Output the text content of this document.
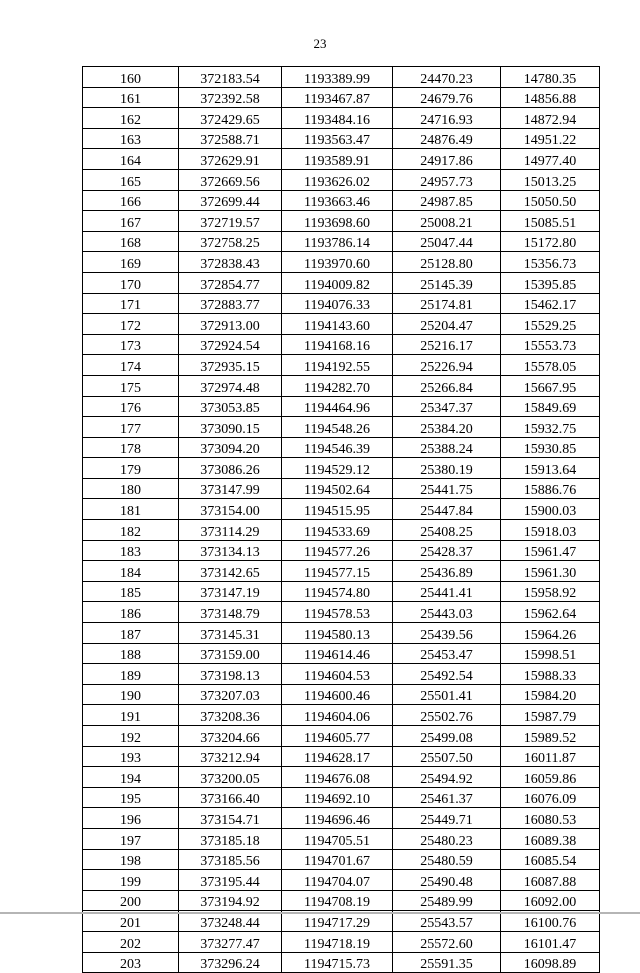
23
160	372183.54	1193389.99	24470.23	14780.35
161	372392.58	1193467.87	24679.76	14856.88
162	372429.65	1193484.16	24716.93	14872.94
163	372588.71	1193563.47	24876.49	14951.22
164	372629.91	1193589.91	24917.86	14977.40
165	372669.56	1193626.02	24957.73	15013.25
166	372699.44	1193663.46	24987.85	15050.50
167	372719.57	1193698.60	25008.21	15085.51
168	372758.25	1193786.14	25047.44	15172.80
169	372838.43	1193970.60	25128.80	15356.73
170	372854.77	1194009.82	25145.39	15395.85
171	372883.77	1194076.33	25174.81	15462.17
172	372913.00	1194143.60	25204.47	15529.25
173	372924.54	1194168.16	25216.17	15553.73
174	372935.15	1194192.55	25226.94	15578.05
175	372974.48	1194282.70	25266.84	15667.95
176	373053.85	1194464.96	25347.37	15849.69
177	373090.15	1194548.26	25384.20	15932.75
178	373094.20	1194546.39	25388.24	15930.85
179	373086.26	1194529.12	25380.19	15913.64
180	373147.99	1194502.64	25441.75	15886.76
181	373154.00	1194515.95	25447.84	15900.03
182	373114.29	1194533.69	25408.25	15918.03
183	373134.13	1194577.26	25428.37	15961.47
184	373142.65	1194577.15	25436.89	15961.30
185	373147.19	1194574.80	25441.41	15958.92
186	373148.79	1194578.53	25443.03	15962.64
187	373145.31	1194580.13	25439.56	15964.26
188	373159.00	1194614.46	25453.47	15998.51
189	373198.13	1194604.53	25492.54	15988.33
190	373207.03	1194600.46	25501.41	15984.20
191	373208.36	1194604.06	25502.76	15987.79
192	373204.66	1194605.77	25499.08	15989.52
193	373212.94	1194628.17	25507.50	16011.87
194	373200.05	1194676.08	25494.92	16059.86
195	373166.40	1194692.10	25461.37	16076.09
196	373154.71	1194696.46	25449.71	16080.53
197	373185.18	1194705.51	25480.23	16089.38
198	373185.56	1194701.67	25480.59	16085.54
199	373195.44	1194704.07	25490.48	16087.88
200	373194.92	1194708.19	25489.99	16092.00
201	373248.44	1194717.29	25543.57	16100.76
202	373277.47	1194718.19	25572.60	16101.47
203	373296.24	1194715.73	25591.35	16098.89
